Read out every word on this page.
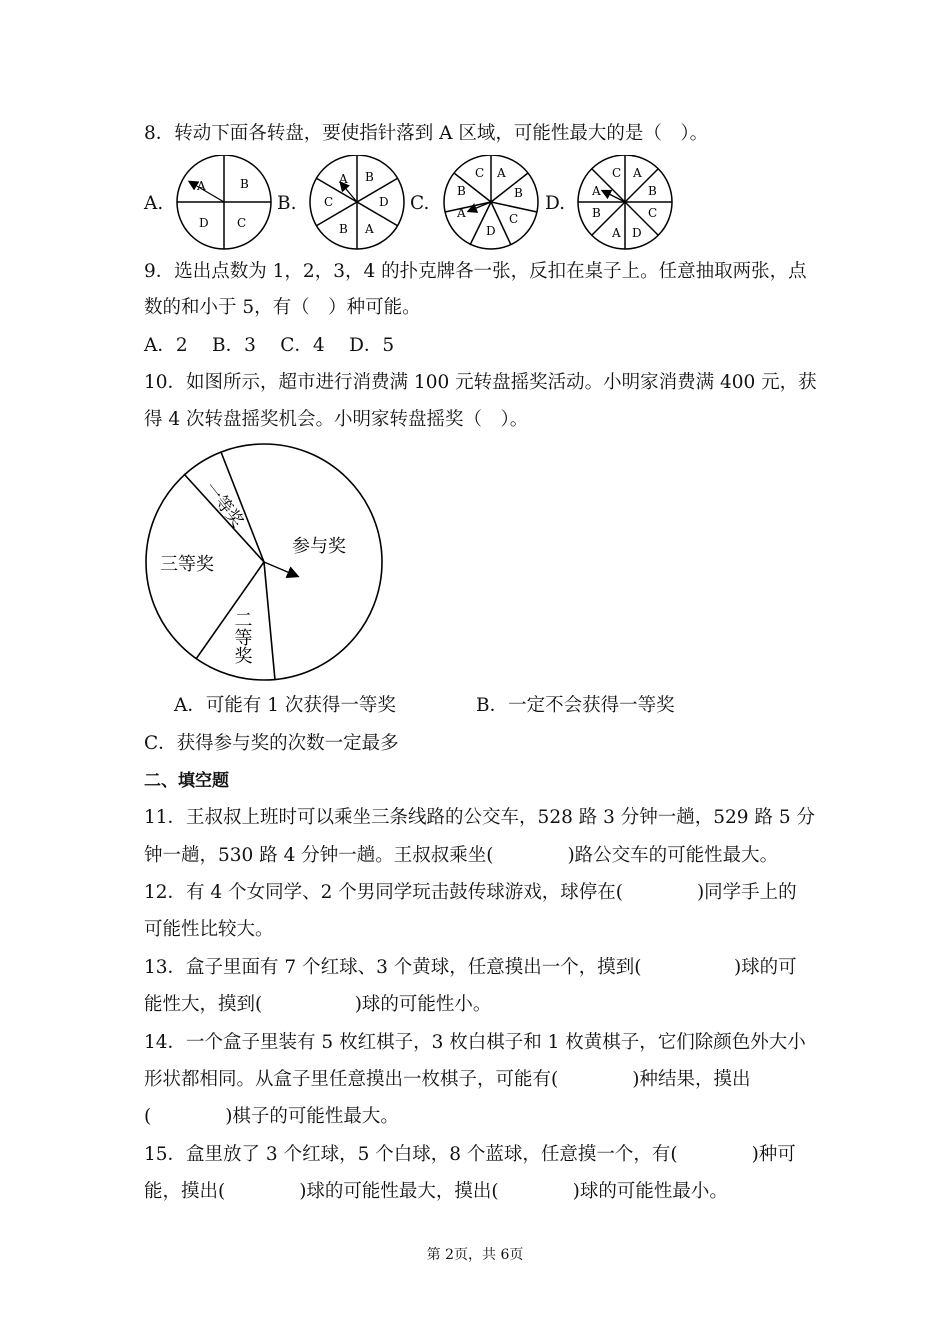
8．转动下面各转盘，要使指针落到 A 区域，可能性最大的是（　）。
A.	B.	C.	D.
A	B
C
D
A B
D
A
B
C
A
B
C
D
A
B
C	A
B
C
D
A
B
A
C
9．选出点数为 1，2，3，4 的扑克牌各一张，反扣在桌子上。任意抽取两张，点
数的和小于 5，有（　）种可能。
A．2　 B．3　 C．4　 D．5
10．如图所示，超市进行消费满 100 元转盘摇奖活动。小明家消费满 400 元，获
得 4 次转盘摇奖机会。小明家转盘摇奖（　）。
参与奖
三等奖
一等奖
二等奖
A．可能有 1 次获得一等奖	B．一定不会获得一等奖
C．获得参与奖的次数一定最多
二、填空题
11．王叔叔上班时可以乘坐三条线路的公交车，528 路 3 分钟一趟，529 路 5 分
钟一趟，530 路 4 分钟一趟。王叔叔乘坐(　　　　)路公交车的可能性最大。
12．有 4 个女同学、2 个男同学玩击鼓传球游戏，球停在(　　　　)同学手上的
可能性比较大。
13．盒子里面有 7 个红球、3 个黄球，任意摸出一个，摸到(　　　　　)球的可
能性大，摸到(　　　　　)球的可能性小。
14．一个盒子里装有 5 枚红棋子，3 枚白棋子和 1 枚黄棋子，它们除颜色外大小
形状都相同。从盒子里任意摸出一枚棋子，可能有(　　　　)种结果，摸出
(　　　　)棋子的可能性最大。
15．盒里放了 3 个红球，5 个白球，8 个蓝球，任意摸一个，有(　　　　)种可
能，摸出(　　　　)球的可能性最大，摸出(　　　　)球的可能性最小。
第 2页，共 6页
